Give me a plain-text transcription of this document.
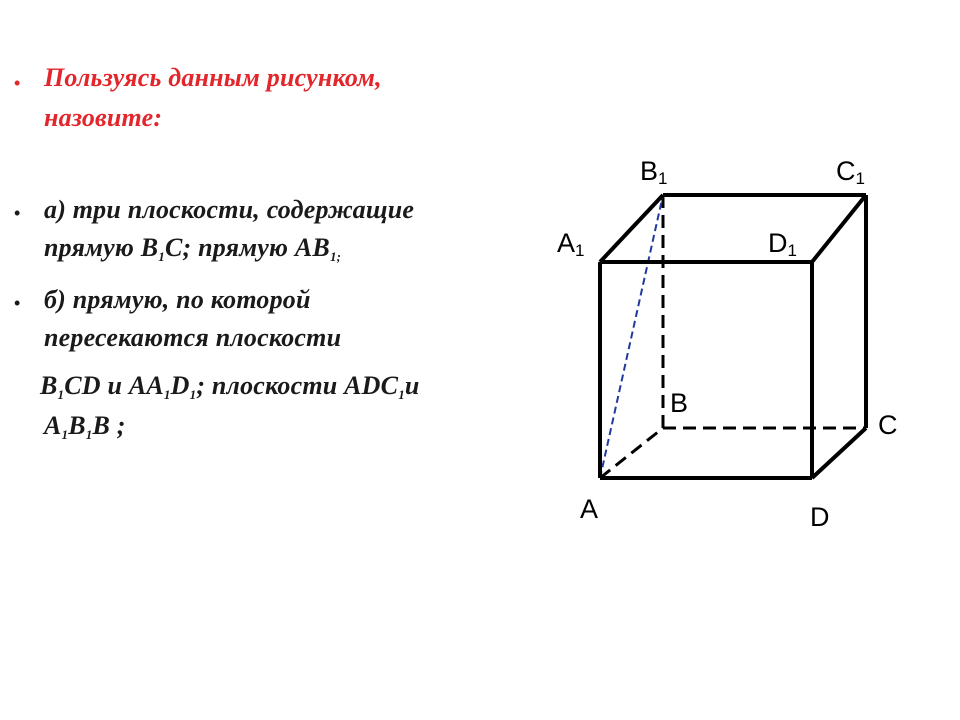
• Пользуясь данным рисунком,
назовите:
• а) три плоскости, содержащие
прямую B1C; прямую AB1;
• б) прямую, по которой
пересекаются плоскости
B1CD и AA1D1; плоскости ADC1и
A1B1B ;
B1	C1
A1	D1
B
C
A	D
